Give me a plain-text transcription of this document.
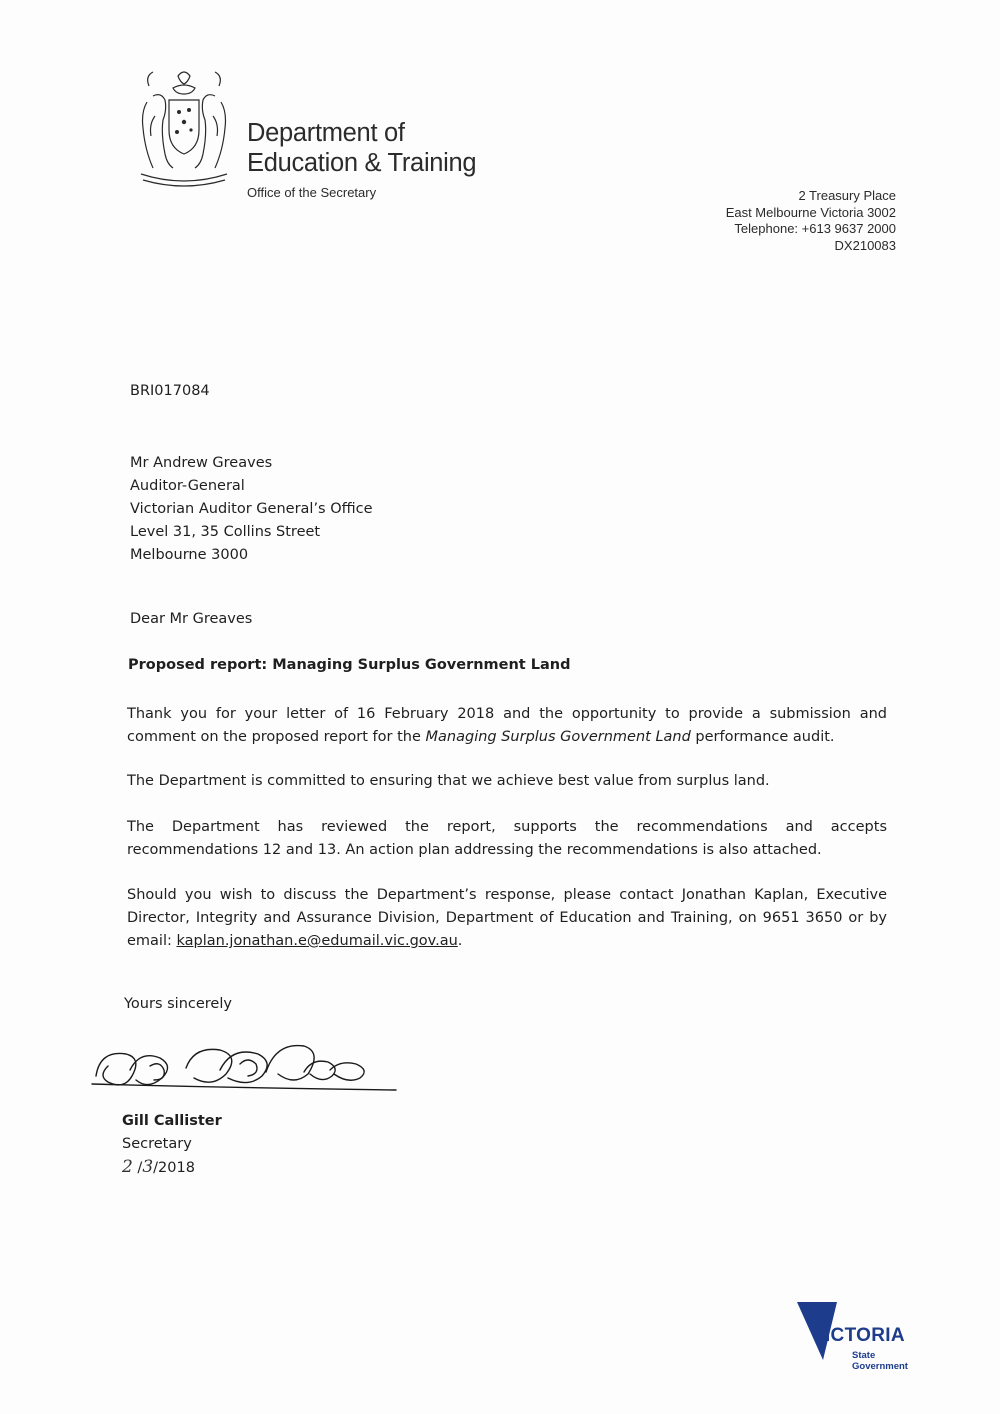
Department of
Education & Training
Office of the Secretary	2 Treasury Place
East Melbourne Victoria 3002
Telephone: +613 9637 2000
DX210083
BRI017084
Mr Andrew Greaves
Auditor-General
Victorian Auditor General’s Office
Level 31, 35 Collins Street
Melbourne 3000
Dear Mr Greaves
Proposed report: Managing Surplus Government Land
Thank you for your letter of 16 February 2018 and the opportunity to provide a submission and comment on the proposed report for the Managing Surplus Government Land performance audit.
The Department is committed to ensuring that we achieve best value from surplus land.
The Department has reviewed the report, supports the recommendations and accepts recommendations 12 and 13. An action plan addressing the recommendations is also attached.
Should you wish to discuss the Department’s response, please contact Jonathan Kaplan, Executive Director, Integrity and Assurance Division, Department of Education and Training, on 9651 3650 or by email: kaplan.jonathan.e@edumail.vic.gov.au.
Yours sincerely
Gill Callister
Secretary
2 /3/2018
VICTORIA
State
Government
